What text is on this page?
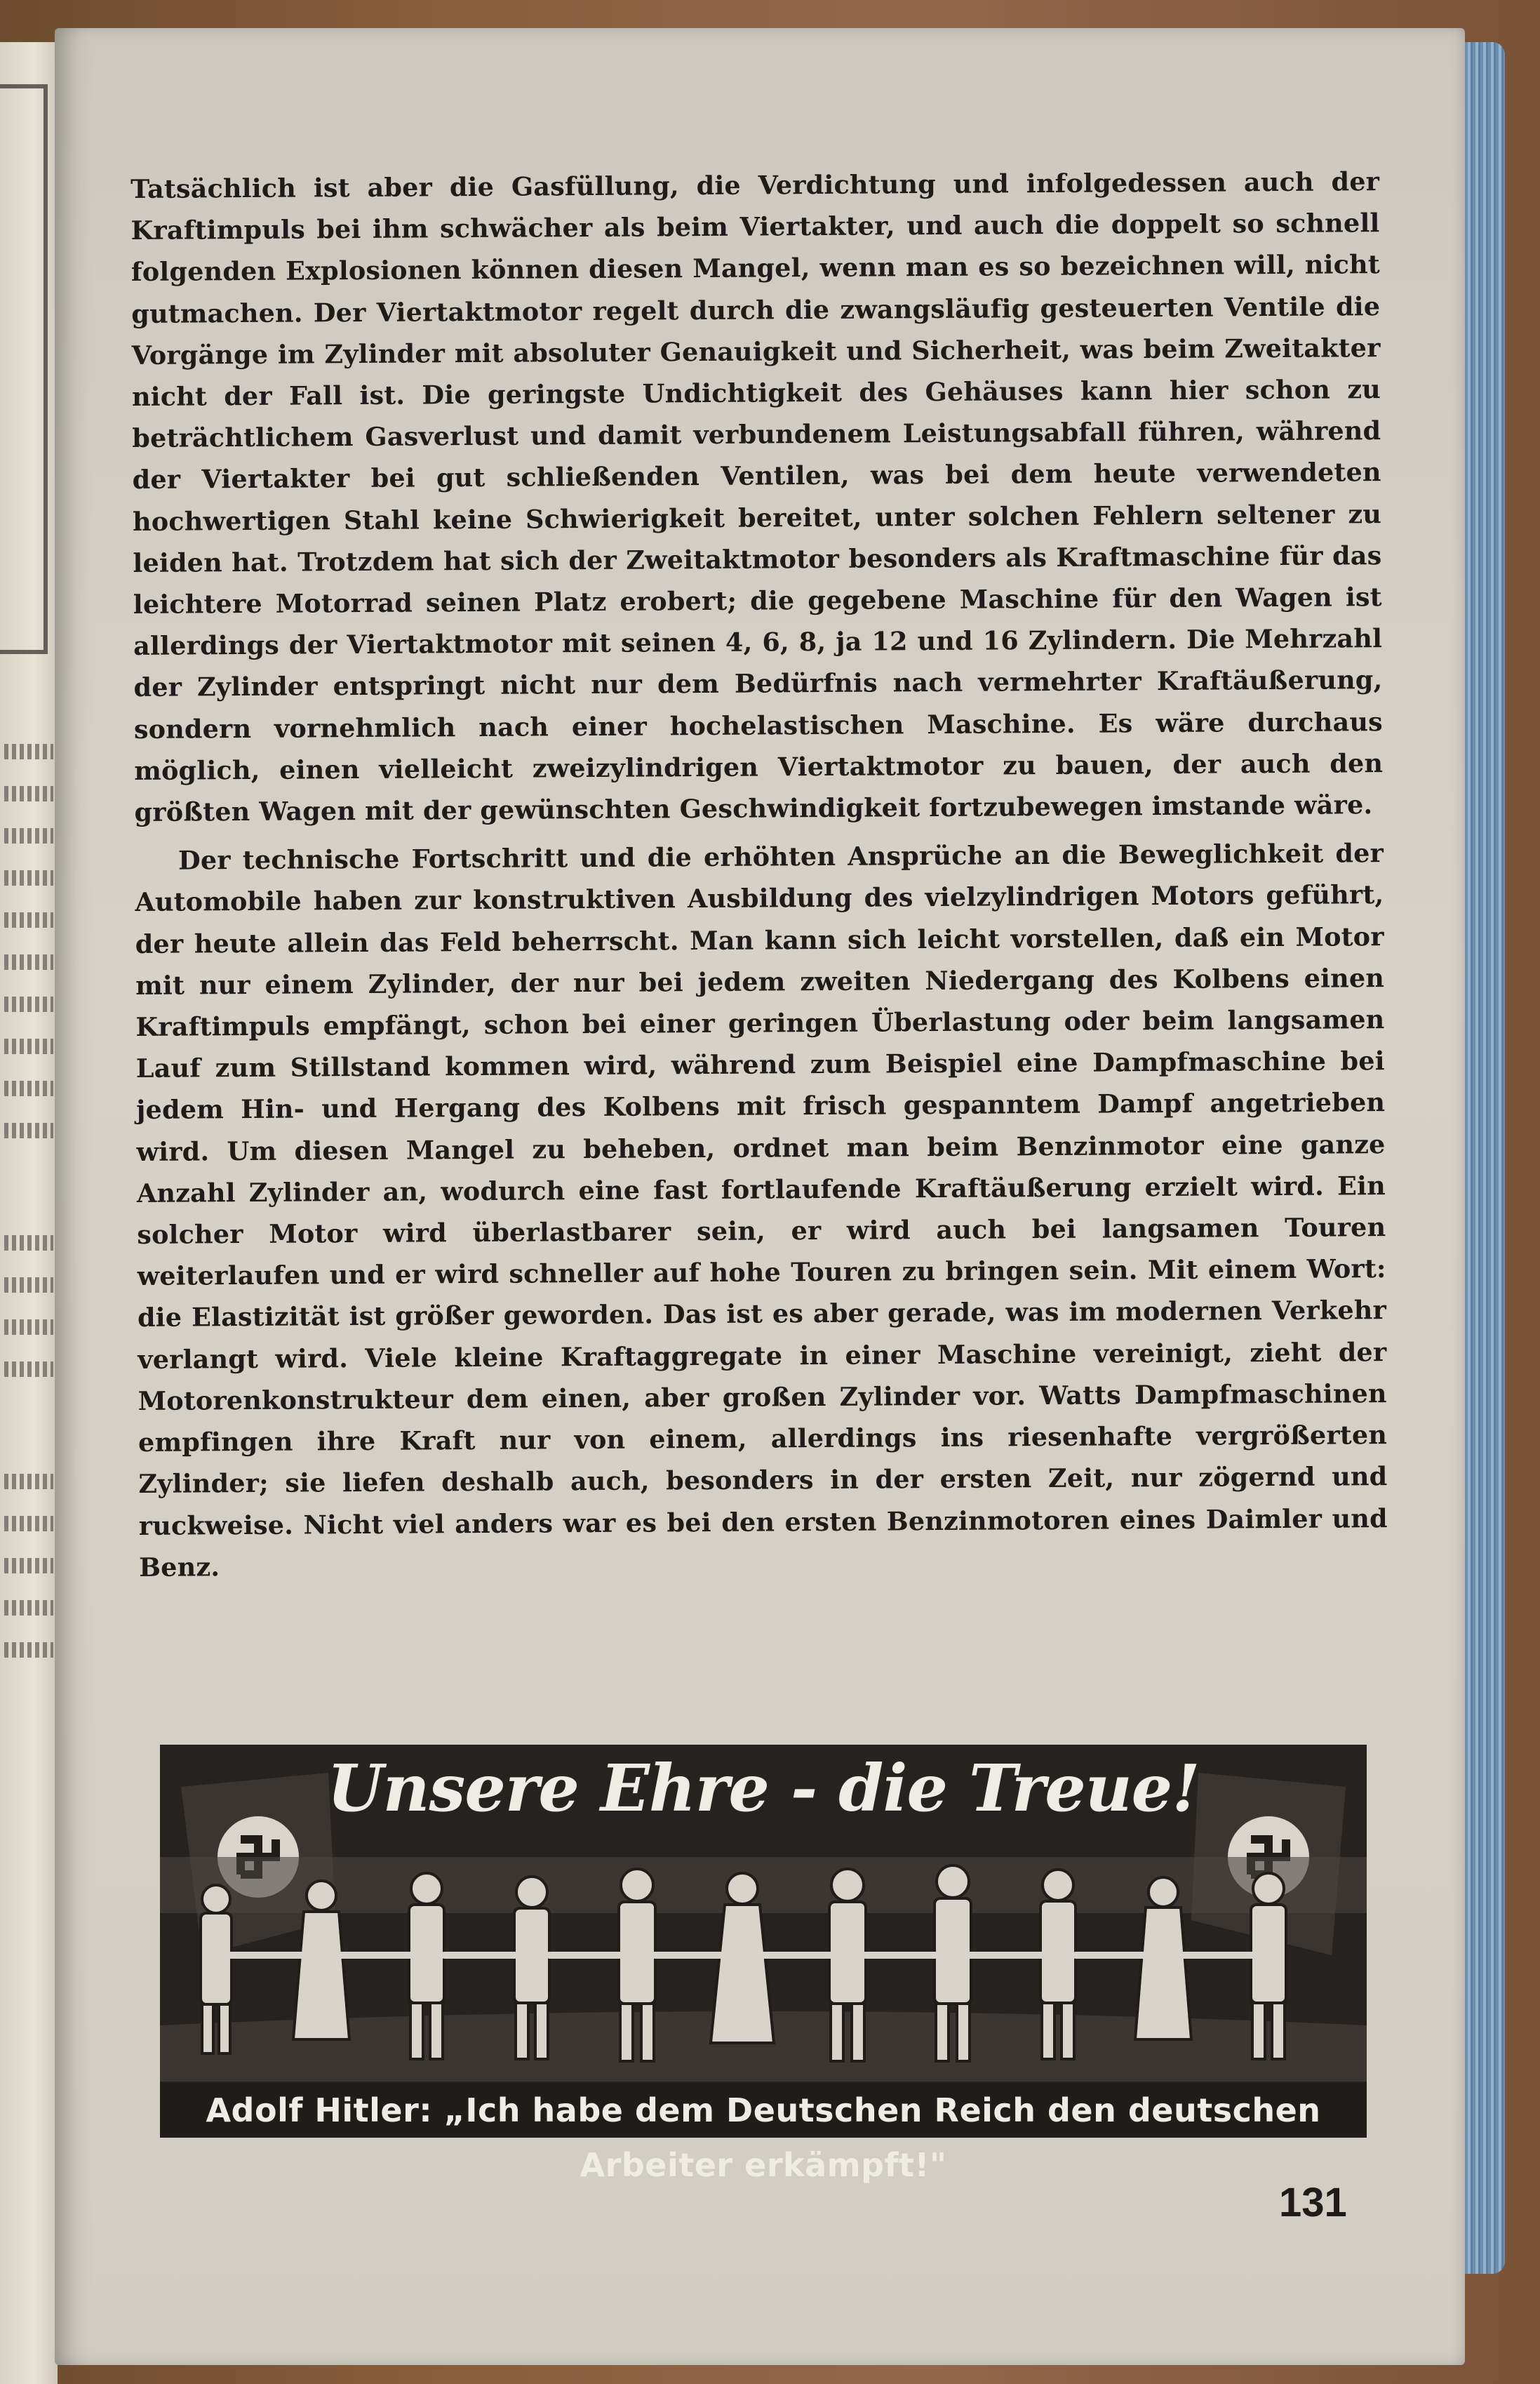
Tatsächlich ist aber die Gasfüllung, die Verdichtung und infolgedessen auch der Kraftimpuls bei ihm schwächer als beim Viertakter, und auch die doppelt so schnell folgenden Explosionen können diesen Mangel, wenn man es so bezeichnen will, nicht gutmachen. Der Viertaktmotor regelt durch die zwangsläufig gesteuerten Ventile die Vorgänge im Zylinder mit absoluter Genauigkeit und Sicherheit, was beim Zweitakter nicht der Fall ist. Die geringste Undichtigkeit des Gehäuses kann hier schon zu beträchtlichem Gasverlust und damit verbundenem Leistungsabfall führen, während der Viertakter bei gut schließenden Ventilen, was bei dem heute verwendeten hochwertigen Stahl keine Schwierigkeit bereitet, unter solchen Fehlern seltener zu leiden hat. Trotzdem hat sich der Zweitaktmotor besonders als Kraftmaschine für das leichtere Motorrad seinen Platz erobert; die gegebene Maschine für den Wagen ist allerdings der Viertaktmotor mit seinen 4, 6, 8, ja 12 und 16 Zylindern. Die Mehrzahl der Zylinder entspringt nicht nur dem Bedürfnis nach vermehrter Kraftäußerung, sondern vornehmlich nach einer hochelastischen Maschine. Es wäre durchaus möglich, einen vielleicht zweizylindrigen Viertaktmotor zu bauen, der auch den größten Wagen mit der gewünschten Geschwindigkeit fortzubewegen imstande wäre.

Der technische Fortschritt und die erhöhten Ansprüche an die Beweglichkeit der Automobile haben zur konstruktiven Ausbildung des vielzylindrigen Motors geführt, der heute allein das Feld beherrscht. Man kann sich leicht vorstellen, daß ein Motor mit nur einem Zylinder, der nur bei jedem zweiten Niedergang des Kolbens einen Kraftimpuls empfängt, schon bei einer geringen Überlastung oder beim langsamen Lauf zum Stillstand kommen wird, während zum Beispiel eine Dampfmaschine bei jedem Hin- und Hergang des Kolbens mit frisch gespanntem Dampf angetrieben wird. Um diesen Mangel zu beheben, ordnet man beim Benzinmotor eine ganze Anzahl Zylinder an, wodurch eine fast fortlaufende Kraftäußerung erzielt wird. Ein solcher Motor wird überlastbarer sein, er wird auch bei langsamen Touren weiterlaufen und er wird schneller auf hohe Touren zu bringen sein. Mit einem Wort: die Elastizität ist größer geworden. Das ist es aber gerade, was im modernen Verkehr verlangt wird. Viele kleine Kraftaggregate in einer Maschine vereinigt, zieht der Motorenkonstrukteur dem einen, aber großen Zylinder vor. Watts Dampfmaschinen empfingen ihre Kraft nur von einem, allerdings ins riesenhafte vergrößerten Zylinder; sie liefen deshalb auch, besonders in der ersten Zeit, nur zögernd und ruckweise. Nicht viel anders war es bei den ersten Benzinmotoren eines Daimler und Benz.

Unsere Ehre - die Treue!
Adolf Hitler: „Ich habe dem Deutschen Reich den deutschen Arbeiter erkämpft!"
131
